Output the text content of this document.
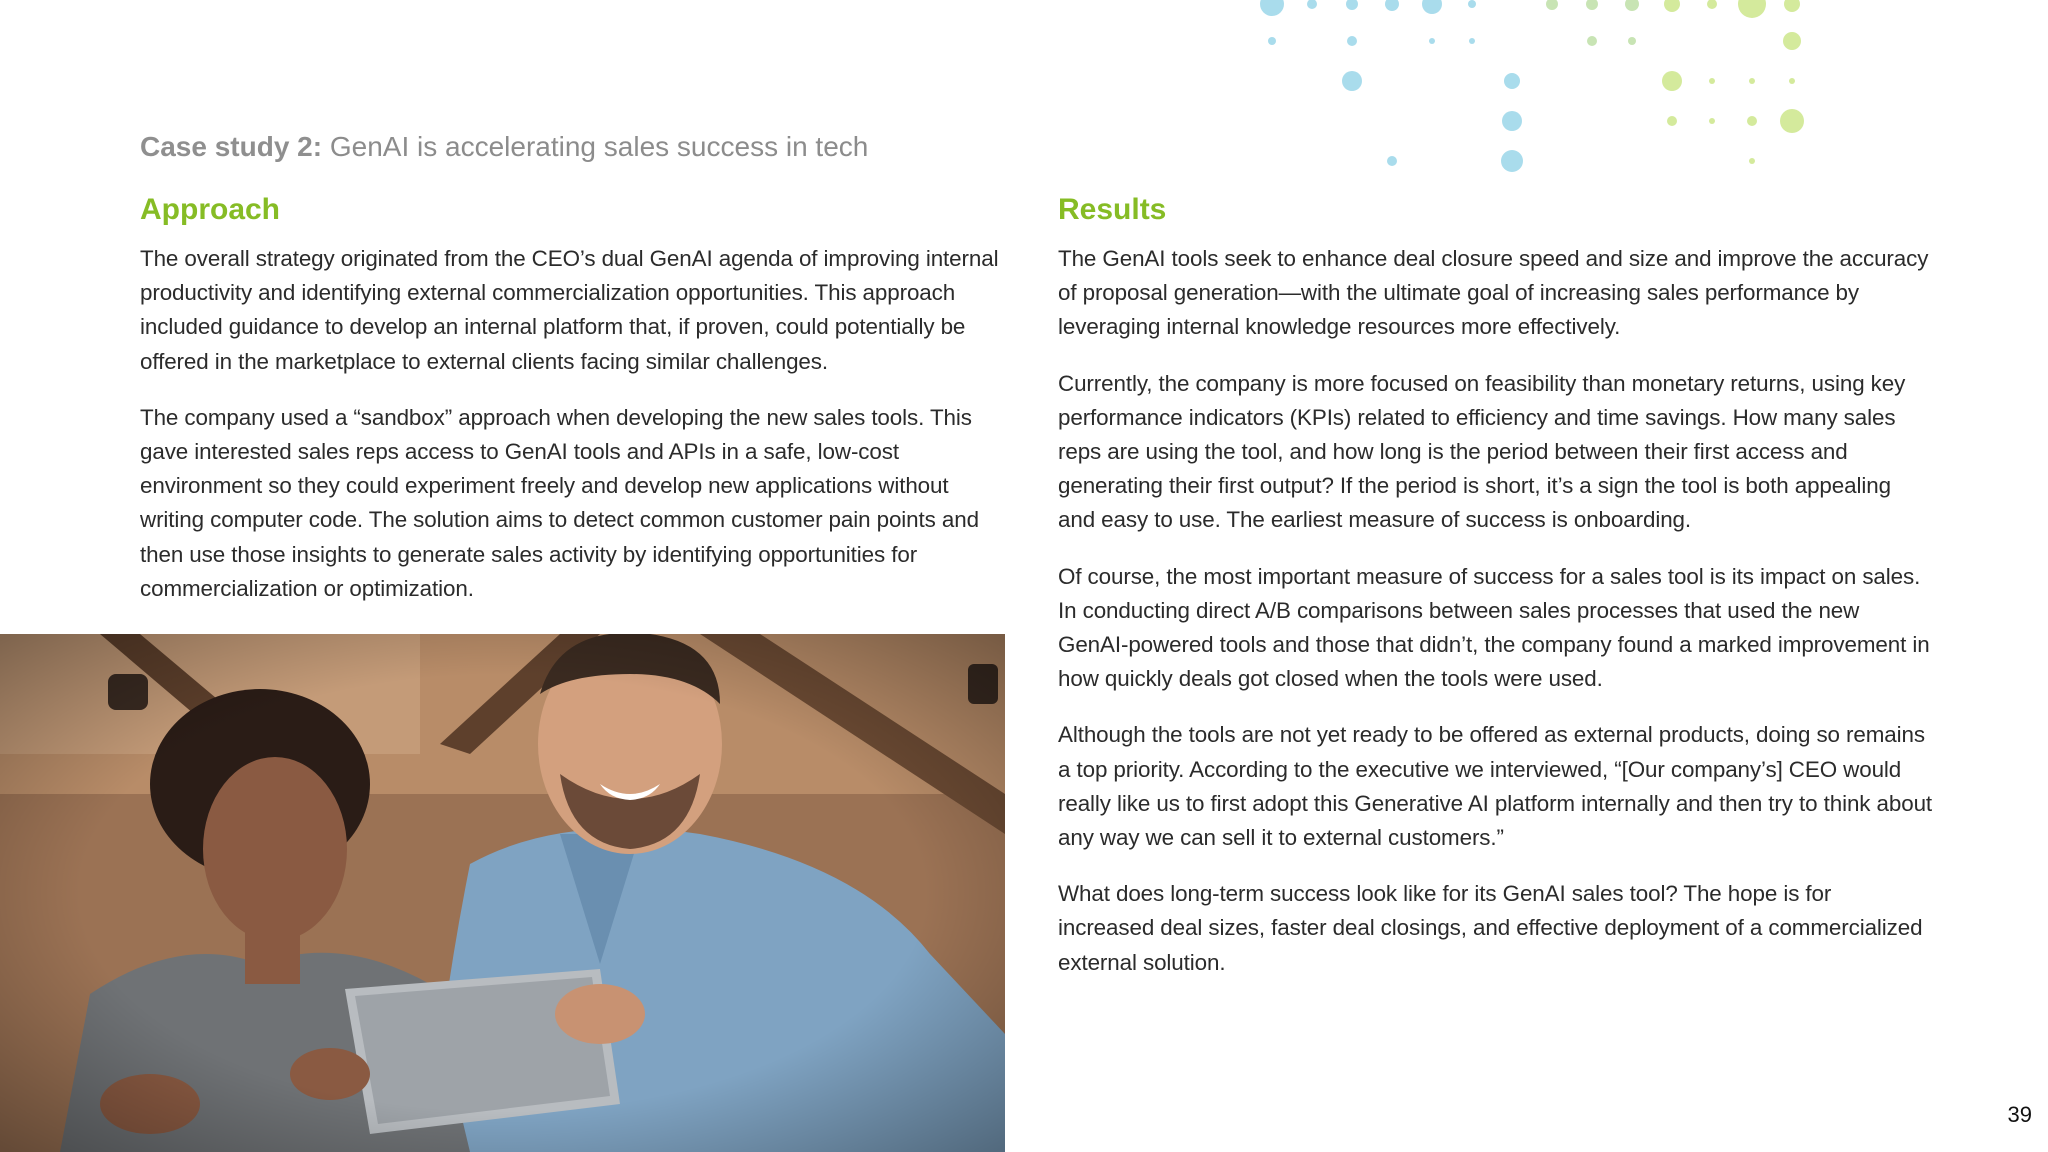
Case study 2: GenAI is accelerating sales success in tech
Approach

The overall strategy originated from the CEO’s dual GenAI agenda of improving internal productivity and identifying external commercialization opportunities. This approach included guidance to develop an internal platform that, if proven, could potentially be offered in the marketplace to external clients facing similar challenges.

The company used a “sandbox” approach when developing the new sales tools. This gave interested sales reps access to GenAI tools and APIs in a safe, low-cost environment so they could experiment freely and develop new applications without writing computer code. The solution aims to detect common customer pain points and then use those insights to generate sales activity by identifying opportunities for commercialization or optimization.

Results

The GenAI tools seek to enhance deal closure speed and size and improve the accuracy of proposal generation—with the ultimate goal of increasing sales performance by leveraging internal knowledge resources more effectively.

Currently, the company is more focused on feasibility than monetary returns, using key performance indicators (KPIs) related to efficiency and time savings. How many sales reps are using the tool, and how long is the period between their first access and generating their first output? If the period is short, it’s a sign the tool is both appealing and easy to use. The earliest measure of success is onboarding.

Of course, the most important measure of success for a sales tool is its impact on sales. In conducting direct A/B comparisons between sales processes that used the new GenAI-powered tools and those that didn’t, the company found a marked improvement in how quickly deals got closed when the tools were used.

Although the tools are not yet ready to be offered as external products, doing so remains a top priority. According to the executive we interviewed, “[Our company’s] CEO would really like us to first adopt this Generative AI platform internally and then try to think about any way we can sell it to external customers.”

What does long-term success look like for its GenAI sales tool? The hope is for increased deal sizes, faster deal closings, and effective deployment of a commercialized external solution.

39
